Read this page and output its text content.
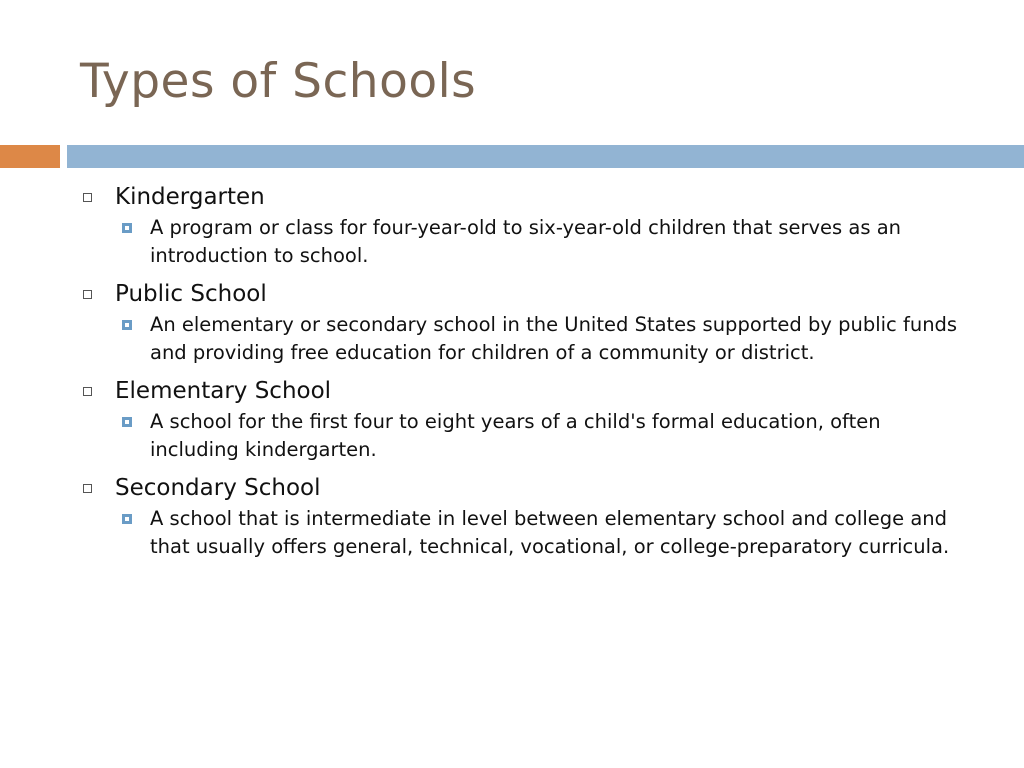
Types of Schools
Kindergarten
A program or class for four-year-old to six-year-old children that serves as an introduction to school.
Public School
An elementary or secondary school in the United States supported by public funds and providing free education for children of a community or district.
Elementary School
A school for the first four to eight years of a child's formal education, often including kindergarten.
Secondary School
A school that is intermediate in level between elementary school and college and that usually offers general, technical, vocational, or college-preparatory curricula.
